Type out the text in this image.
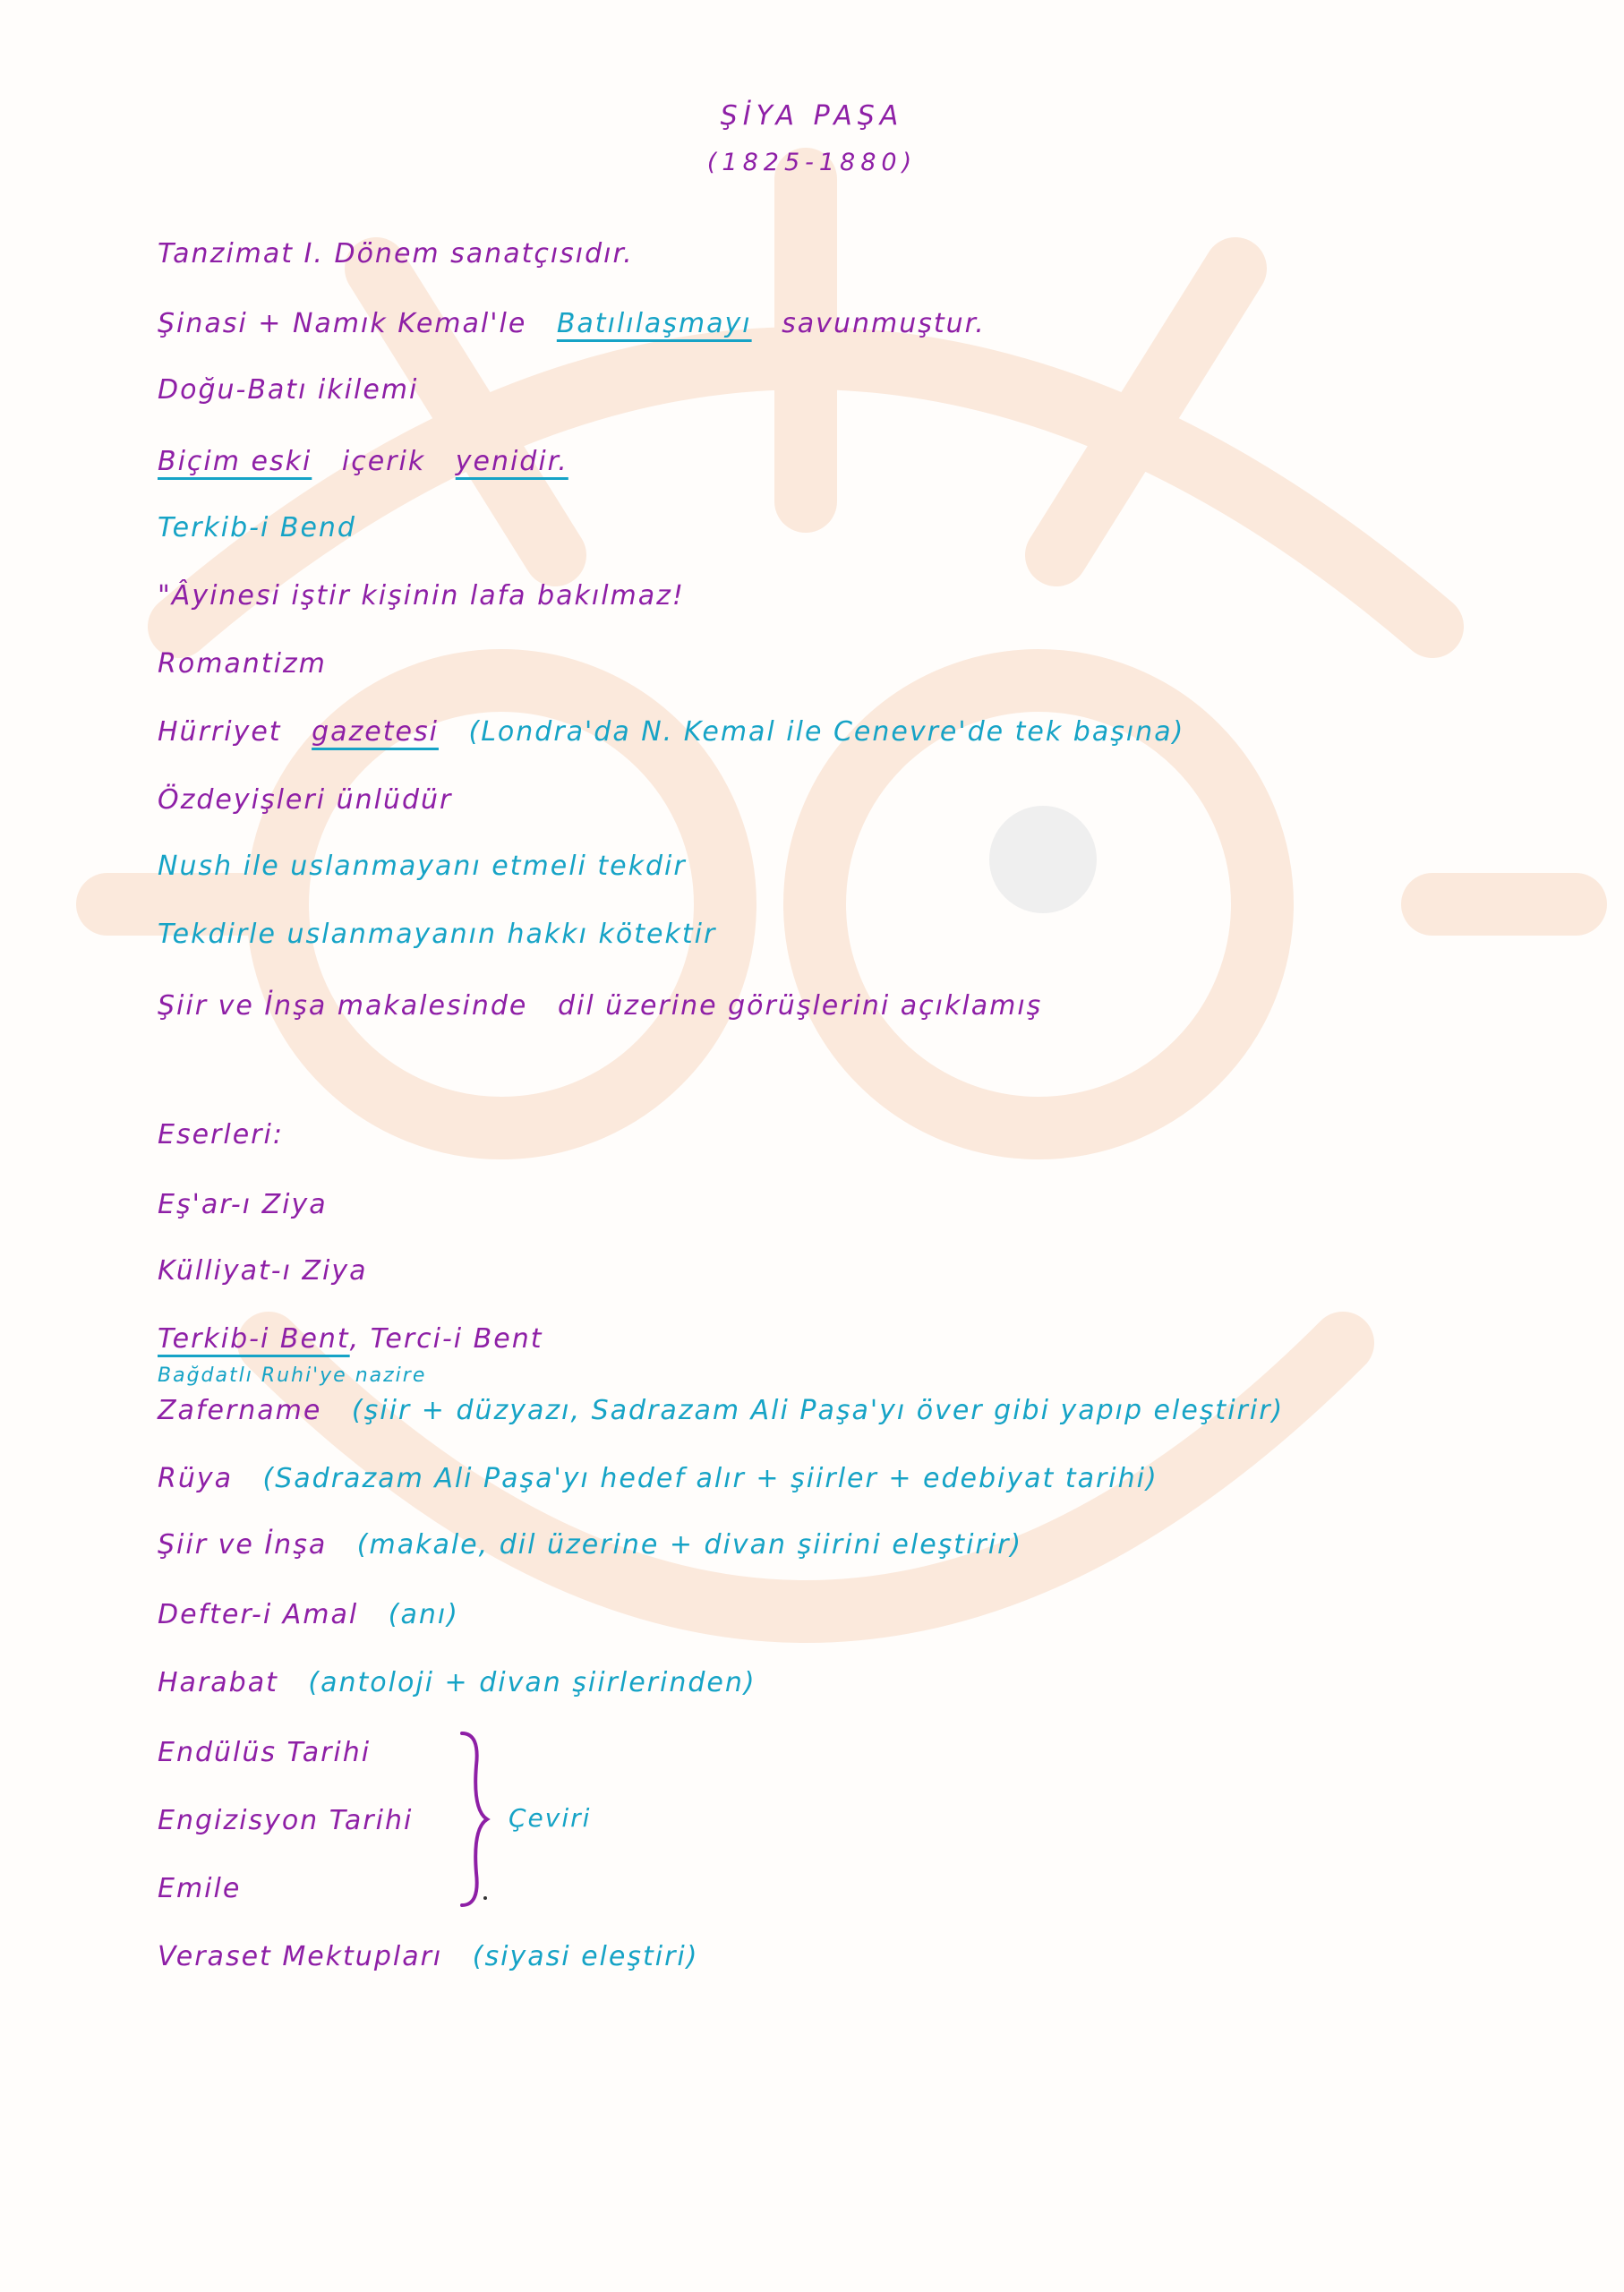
ŞİYA PAŞA
(1825-1880)
Tanzimat I. Dönem sanatçısıdır.
Şinasi + Namık Kemal'le Batılılaşmayı savunmuştur.
Doğu-Batı ikilemi
Biçim eski içerik yenidir.
Terkib-i Bend
"Âyinesi iştir kişinin lafa bakılmaz!
Romantizm
Hürriyet gazetesi (Londra'da N. Kemal ile Cenevre'de tek başına)
Özdeyişleri ünlüdür
Nush ile uslanmayanı etmeli tekdir
Tekdirle uslanmayanın hakkı kötektir
Şiir ve İnşa makalesinde dil üzerine görüşlerini açıklamış
Eserleri:
Eş'ar-ı Ziya
Külliyat-ı Ziya
Terkib-i Bent, Terci-i Bent
Bağdatlı Ruhi'ye nazire
Zafername (şiir + düzyazı, Sadrazam Ali Paşa'yı över gibi yapıp eleştirir)
Rüya (Sadrazam Ali Paşa'yı hedef alır + şiirler + edebiyat tarihi)
Şiir ve İnşa (makale, dil üzerine + divan şiirini eleştirir)
Defter-i Amal (anı)
Harabat (antoloji + divan şiirlerinden)
Endülüs Tarihi
Engizisyon Tarihi
Emile
Çeviri
Veraset Mektupları (siyasi eleştiri)
